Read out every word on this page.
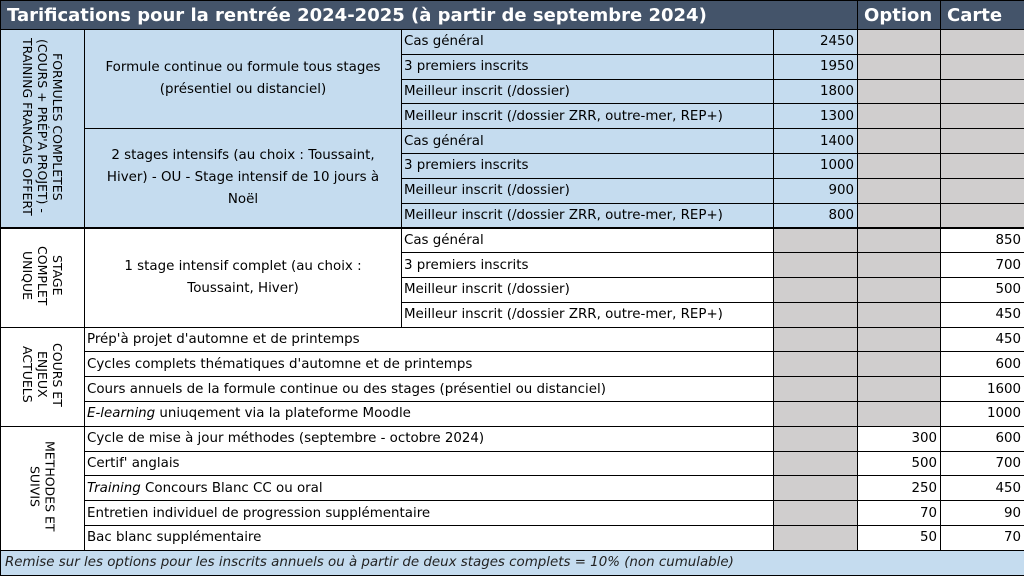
Tarifications pour la rentrée 2024-2025 (à partir de septembre 2024)				Option	Carte
FORMULES COMPLETES (COURS + PRÉP'A PROJET) - TRAINING FRANCAIS OFFERT	Formule continue ou formule tous stages (présentiel ou distanciel)	Cas général	2450		
		3 premiers inscrits	1950		
		Meilleur inscrit (/dossier)	1800		
		Meilleur inscrit (/dossier ZRR, outre-mer, REP+)	1300		
	2 stages intensifs (au choix : Toussaint, Hiver) - OU - Stage intensif de 10 jours à Noël	Cas général	1400		
		3 premiers inscrits	1000		
		Meilleur inscrit (/dossier)	900		
		Meilleur inscrit (/dossier ZRR, outre-mer, REP+)	800		
STAGE COMPLET UNIQUE	1 stage intensif complet (au choix : Toussaint, Hiver)	Cas général			850
		3 premiers inscrits			700
		Meilleur inscrit (/dossier)			500
		Meilleur inscrit (/dossier ZRR, outre-mer, REP+)			450
COURS ET ENJEUX ACTUELS	Prép'à projet d'automne et de printemps				450
	Cycles complets thématiques d'automne et de printemps				600
	Cours annuels de la formule continue ou des stages (présentiel ou distanciel)				1600
	E-learning uniuqement via la plateforme Moodle				1000
METHODES ET SUIVIS	Cycle de mise à jour méthodes (septembre - octobre 2024)			300	600
	Certif' anglais			500	700
	Training Concours Blanc CC ou oral			250	450
	Entretien individuel de progression supplémentaire			70	90
	Bac blanc supplémentaire			50	70
Remise sur les options pour les inscrits annuels ou à partir de deux stages complets = 10% (non cumulable)					
